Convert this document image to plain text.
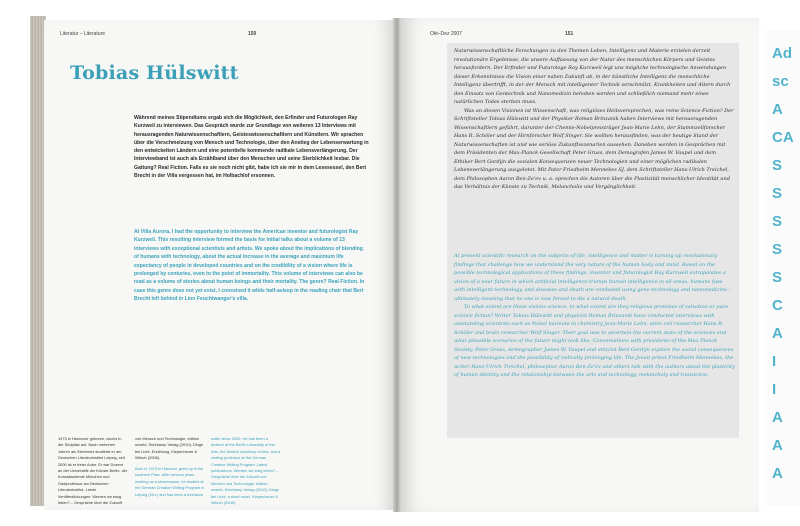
Ad
sc
A
CA
S
S
S
S
S
C
A
I
I
A
A
A
Literatur – Literature	150
Tobias Hülswitt
Während meines Stipendiums ergab sich die Möglichkeit, den Erfinder und Futurologen Ray Kurzweil zu interviewen. Das Gespräch wurde zur Grundlage von weiteren 13 Interviews mit herausragenden Naturwissenschaftlern, Geisteswissenschaftlern und Künstlern. Wir sprachen über die Verschmelzung von Mensch und Technologie, über den Anstieg der Lebenserwartung in den entwickelten Ländern und eine potentielle kommende radikale Lebensverlängerung. Der Interviewband ist auch als Erzählband über den Menschen und seine Sterblichkeit lesbar. Die Gattung? Real Fiction. Falls es sie noch nicht gibt, habe ich sie mir in dem Lesesessel, den Bert Brecht in der Villa vergessen hat, im Holbachlof ersonnen.
At Villa Aurora, I had the opportunity to interview the American inventor and futurologist Ray Kurzweil. This resulting interview formed the basis for initial talks about a volume of 13 interviews with exceptional scientists and artists. We spoke about the implications of blending of humans with technology, about the actual increase in the average and maximum life expectancy of people in developed countries and on the credibility of a vision where life is prolonged by centuries, even to the point of immortality. This volume of interviews can also be read as a volume of stories about human beings and their mortality. The genre? Real Fiction. In case this genre does not yet exist, I conceived it while half-asleep in the reading chair that Bert Brecht left behind in Lion Feuchtwanger's villa.
1973 in Hannover geboren, wuchs in der Südpfalz auf. Nach mehreren Jahren als Steinmetz studierte er am Deutschen Literaturinstitut Leipzig, seit 2000 ist er freier Autor. Er war Dozent an der Universität der Künste Berlin, der Kunstakademie München und Gastprofessor am Deutschen Literaturinstitut. Letzte Veröffentlichungen: Werden wir ewig leben? – Gespräche über die Zukunft
von Mensch und Technologie, edition unseld, Suhrkamp Verlag (2010); Dinge bei Licht, Erzählung, Kiepenheuer & Witsch (2008).
Born in 1973 in Hanover, grew up in the southern Pfalz. After several years working as a stonemason, he studied at the German Creative Writing Program in Leipzig (DLL) and has been a freelance
writer since 2000. He has been a lecturer at the Berlin University of the Arts, the Munich Academy of Arts, and a visiting professor at the German Creative Writing Program. Latest publications: Werden wir ewig leben? – Gespräche über die Zukunft von Mensch und Technologie, edition unseld, Suhrkamp Verlag (2010); Dinge bei Licht, a short novel, Kiepenheuer & Witsch (2008).
Okt–Dez 2007	151

Naturwissenschaftliche Forschungen zu den Themen Leben, Intelligenz und Materie erzielen derzeit revolutionäre Ergebnisse, die unsere Auffassung von der Natur des menschlichen Körpers und Geistes herausfordern. Der Erfinder und Futurologe Ray Kurzweil legt uns mögliche technologische Anwendungen dieser Erkenntnisse die Vision einer nahen Zukunft ab, in der künstliche Intelligenz die menschliche Intelligenz übertrifft, in der der Mensch mit intelligenter Technik verschmilzt, Krankheiten und Altern durch den Einsatz von Gentechnik und Nanomedizin behoben werden und schließlich niemand mehr eines natürlichen Todes sterben muss.

Was an diesen Visionen ist Wissenschaft, was religiöses Heilsversprechen, was reine Science-Fiction? Der Schriftsteller Tobias Hülswitt und der Physiker Roman Brinzanik haben Interviews mit herausragenden Wissenschaftlern geführt, darunter der Chemie-Nobelpreisträger Jean-Marie Lehn, der Stammzellforscher Hans R. Schöler und der Hirnforscher Wolf Singer. Sie wollten herausfinden, was der heutige Stand der Naturwissenschaften ist und wie seriöse Zukunftsszenarien aussehen. Daneben werden in Gesprächen mit dem Präsidenten der Max-Planck-Gesellschaft Peter Gruss, dem Demografen James W. Vaupel und dem Ethiker Bert Gordijn die sozialen Konsequenzen neuer Technologien und einer möglichen radikalen Lebensverlängerung ausgelotet. Mit Pater Friedhelm Mennekes SJ, dem Schriftsteller Hans-Ulrich Treichel, dem Philosophen Aaron Ben-Ze'ev u. a. sprechen die Autoren über die Plastizität menschlicher Identität und das Verhältnis der Künste zu Technik, Melancholie und Vergänglichkeit.

At present scientific research on the subjects of life, intelligence and matter is turning up revolutionary findings that challenge how we understand the very nature of the human body and mind. Based on the possible technological applications of these findings, inventor and futurologist Ray Kurzweil extrapolates a vision of a near future in which artificial intelligence trumps human intelligence in all areas, humans fuse with intelligent technology, and diseases and death are combated using gene technology and nanomedicine – ultimately meaning that no one is now forced to die a natural death.

To what extent are these visions science, to what extent are they religious promises of salvation or pure science fiction? Writer Tobias Hülswitt and physicist Roman Brinzanik have conducted interviews with outstanding scientists such as Nobel laureate in chemistry Jean-Marie Lehn, stem cell researcher Hans R. Schöler and brain researcher Wolf Singer. Their goal was to ascertain the current state of the sciences and what plausible scenarios of the future might look like. Conversations with presidents of the Max Planck Society, Peter Gruss, demographer James W. Vaupel and ethicist Bert Gordijn explore the social consequences of new technologies and the possibility of radically prolonging life. The Jesuit priest Friedhelm Mennekes, the writer Hans-Ulrich Treichel, philosopher Aaron Ben-Ze'ev and others talk with the authors about the plasticity of human identity and the relationship between the arts and technology, melancholy and transience.
